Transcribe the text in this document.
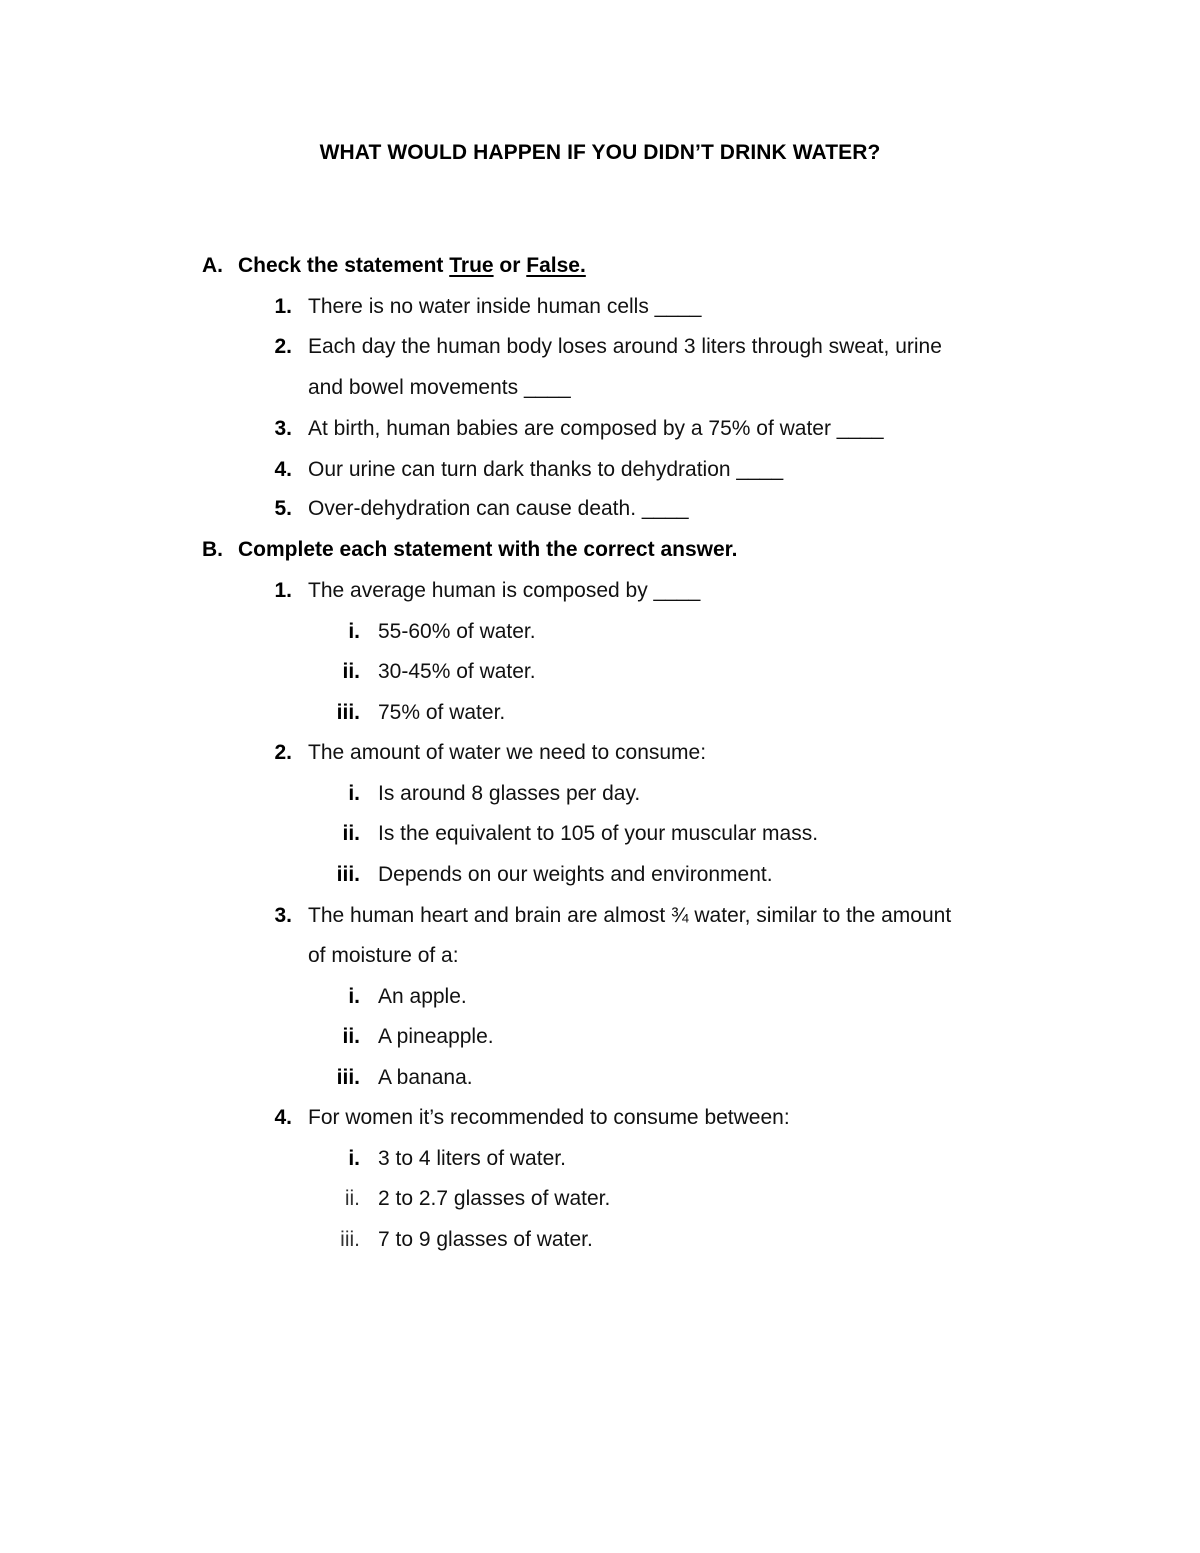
WHAT WOULD HAPPEN IF YOU DIDN’T DRINK WATER?
A. Check the statement True or False.
1. There is no water inside human cells ____
2. Each day the human body loses around 3 liters through sweat, urine
and bowel movements ____
3. At birth, human babies are composed by a 75% of water ____
4. Our urine can turn dark thanks to dehydration ____
5. Over-dehydration can cause death. ____
B. Complete each statement with the correct answer.
1. The average human is composed by ____
i. 55-60% of water.
ii. 30-45% of water.
iii. 75% of water.
2. The amount of water we need to consume:
i. Is around 8 glasses per day.
ii. Is the equivalent to 105 of your muscular mass.
iii. Depends on our weights and environment.
3. The human heart and brain are almost ¾ water, similar to the amount
of moisture of a:
i. An apple.
ii. A pineapple.
iii. A banana.
4. For women it’s recommended to consume between:
i. 3 to 4 liters of water.
ii. 2 to 2.7 glasses of water.
iii. 7 to 9 glasses of water.
